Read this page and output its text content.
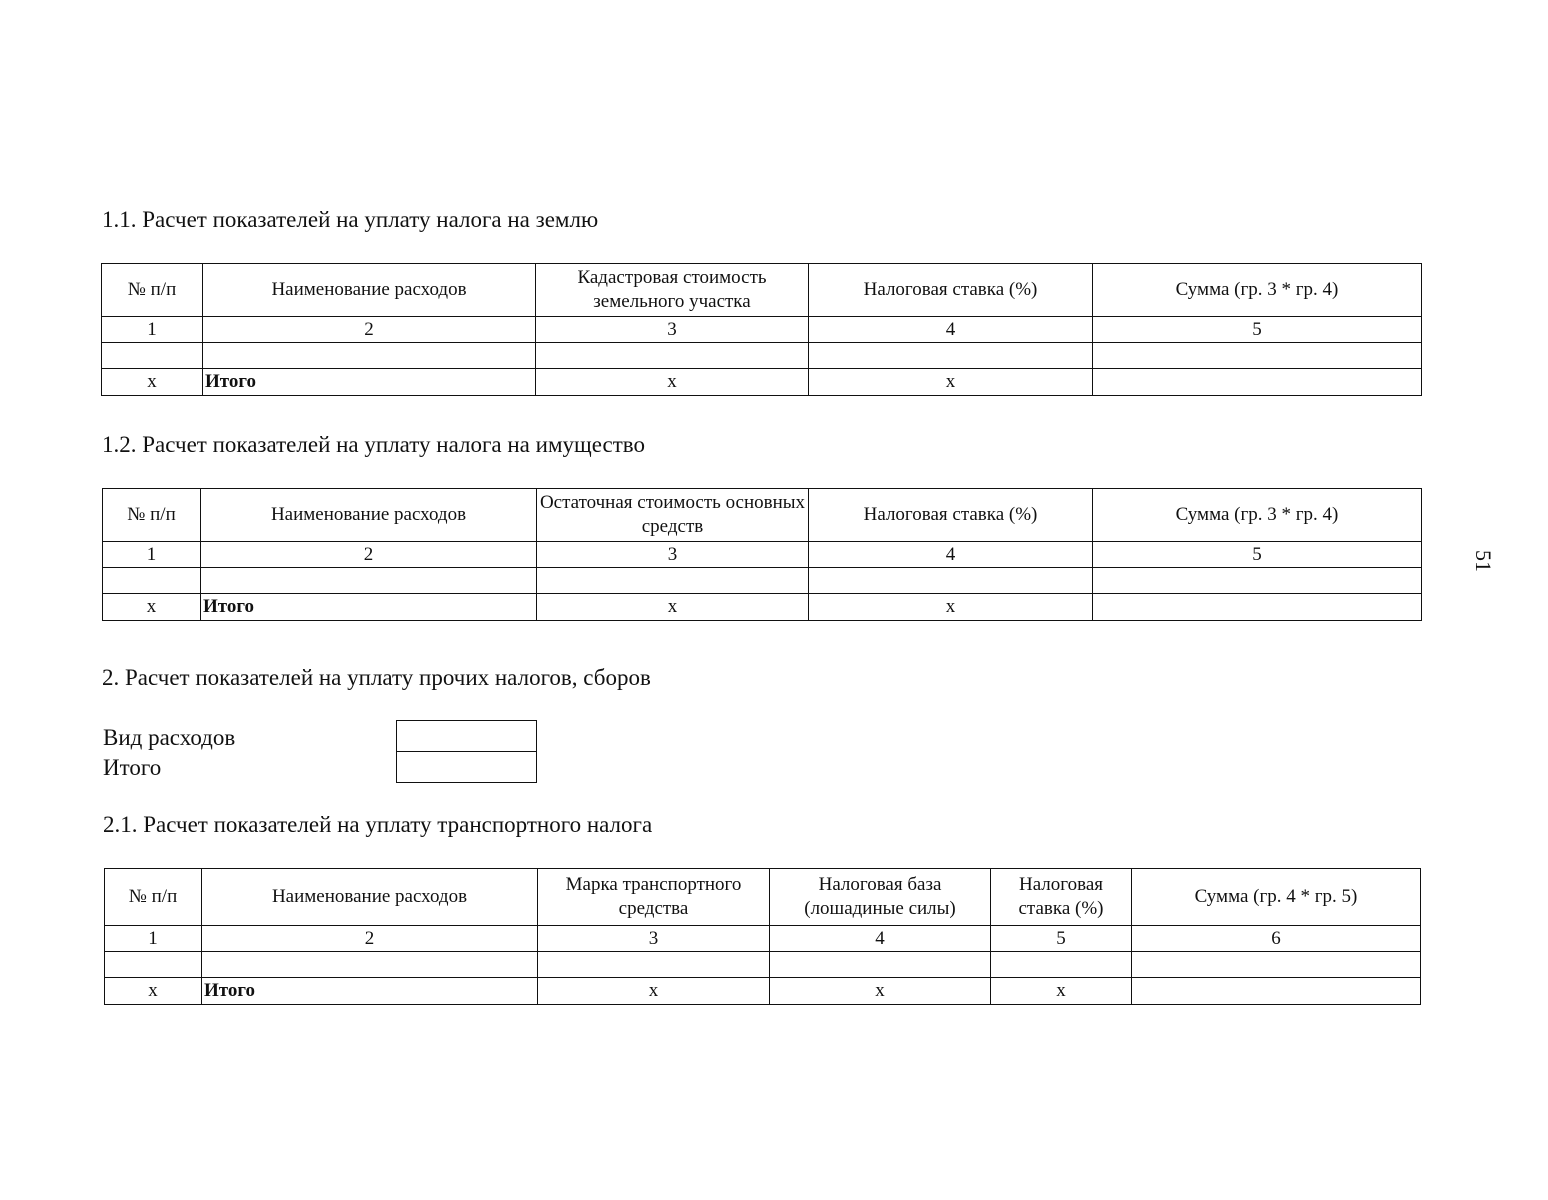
1.1. Расчет показателей на уплату налога на землю
№ п/п	Наименование расходов	Кадастровая стоимость земельного участка	Налоговая ставка (%)	Сумма (гр. 3 * гр. 4)
1	2	3	4	5

х	Итого	х	х	
1.2. Расчет показателей на уплату налога на имущество
№ п/п	Наименование расходов	Остаточная стоимость основных средств	Налоговая ставка (%)	Сумма (гр. 3 * гр. 4)
1	2	3	4	5

х	Итого	х	х	
2. Расчет показателей на уплату прочих налогов, сборов
Вид расходов
Итого

2.1. Расчет показателей на уплату транспортного налога
№ п/п	Наименование расходов	Марка транспортного средства	Налоговая база (лошадиные силы)	Налоговая ставка (%)	Сумма (гр. 4 * гр. 5)
1	2	3	4	5	6

х	Итого	х	х	х	
51
